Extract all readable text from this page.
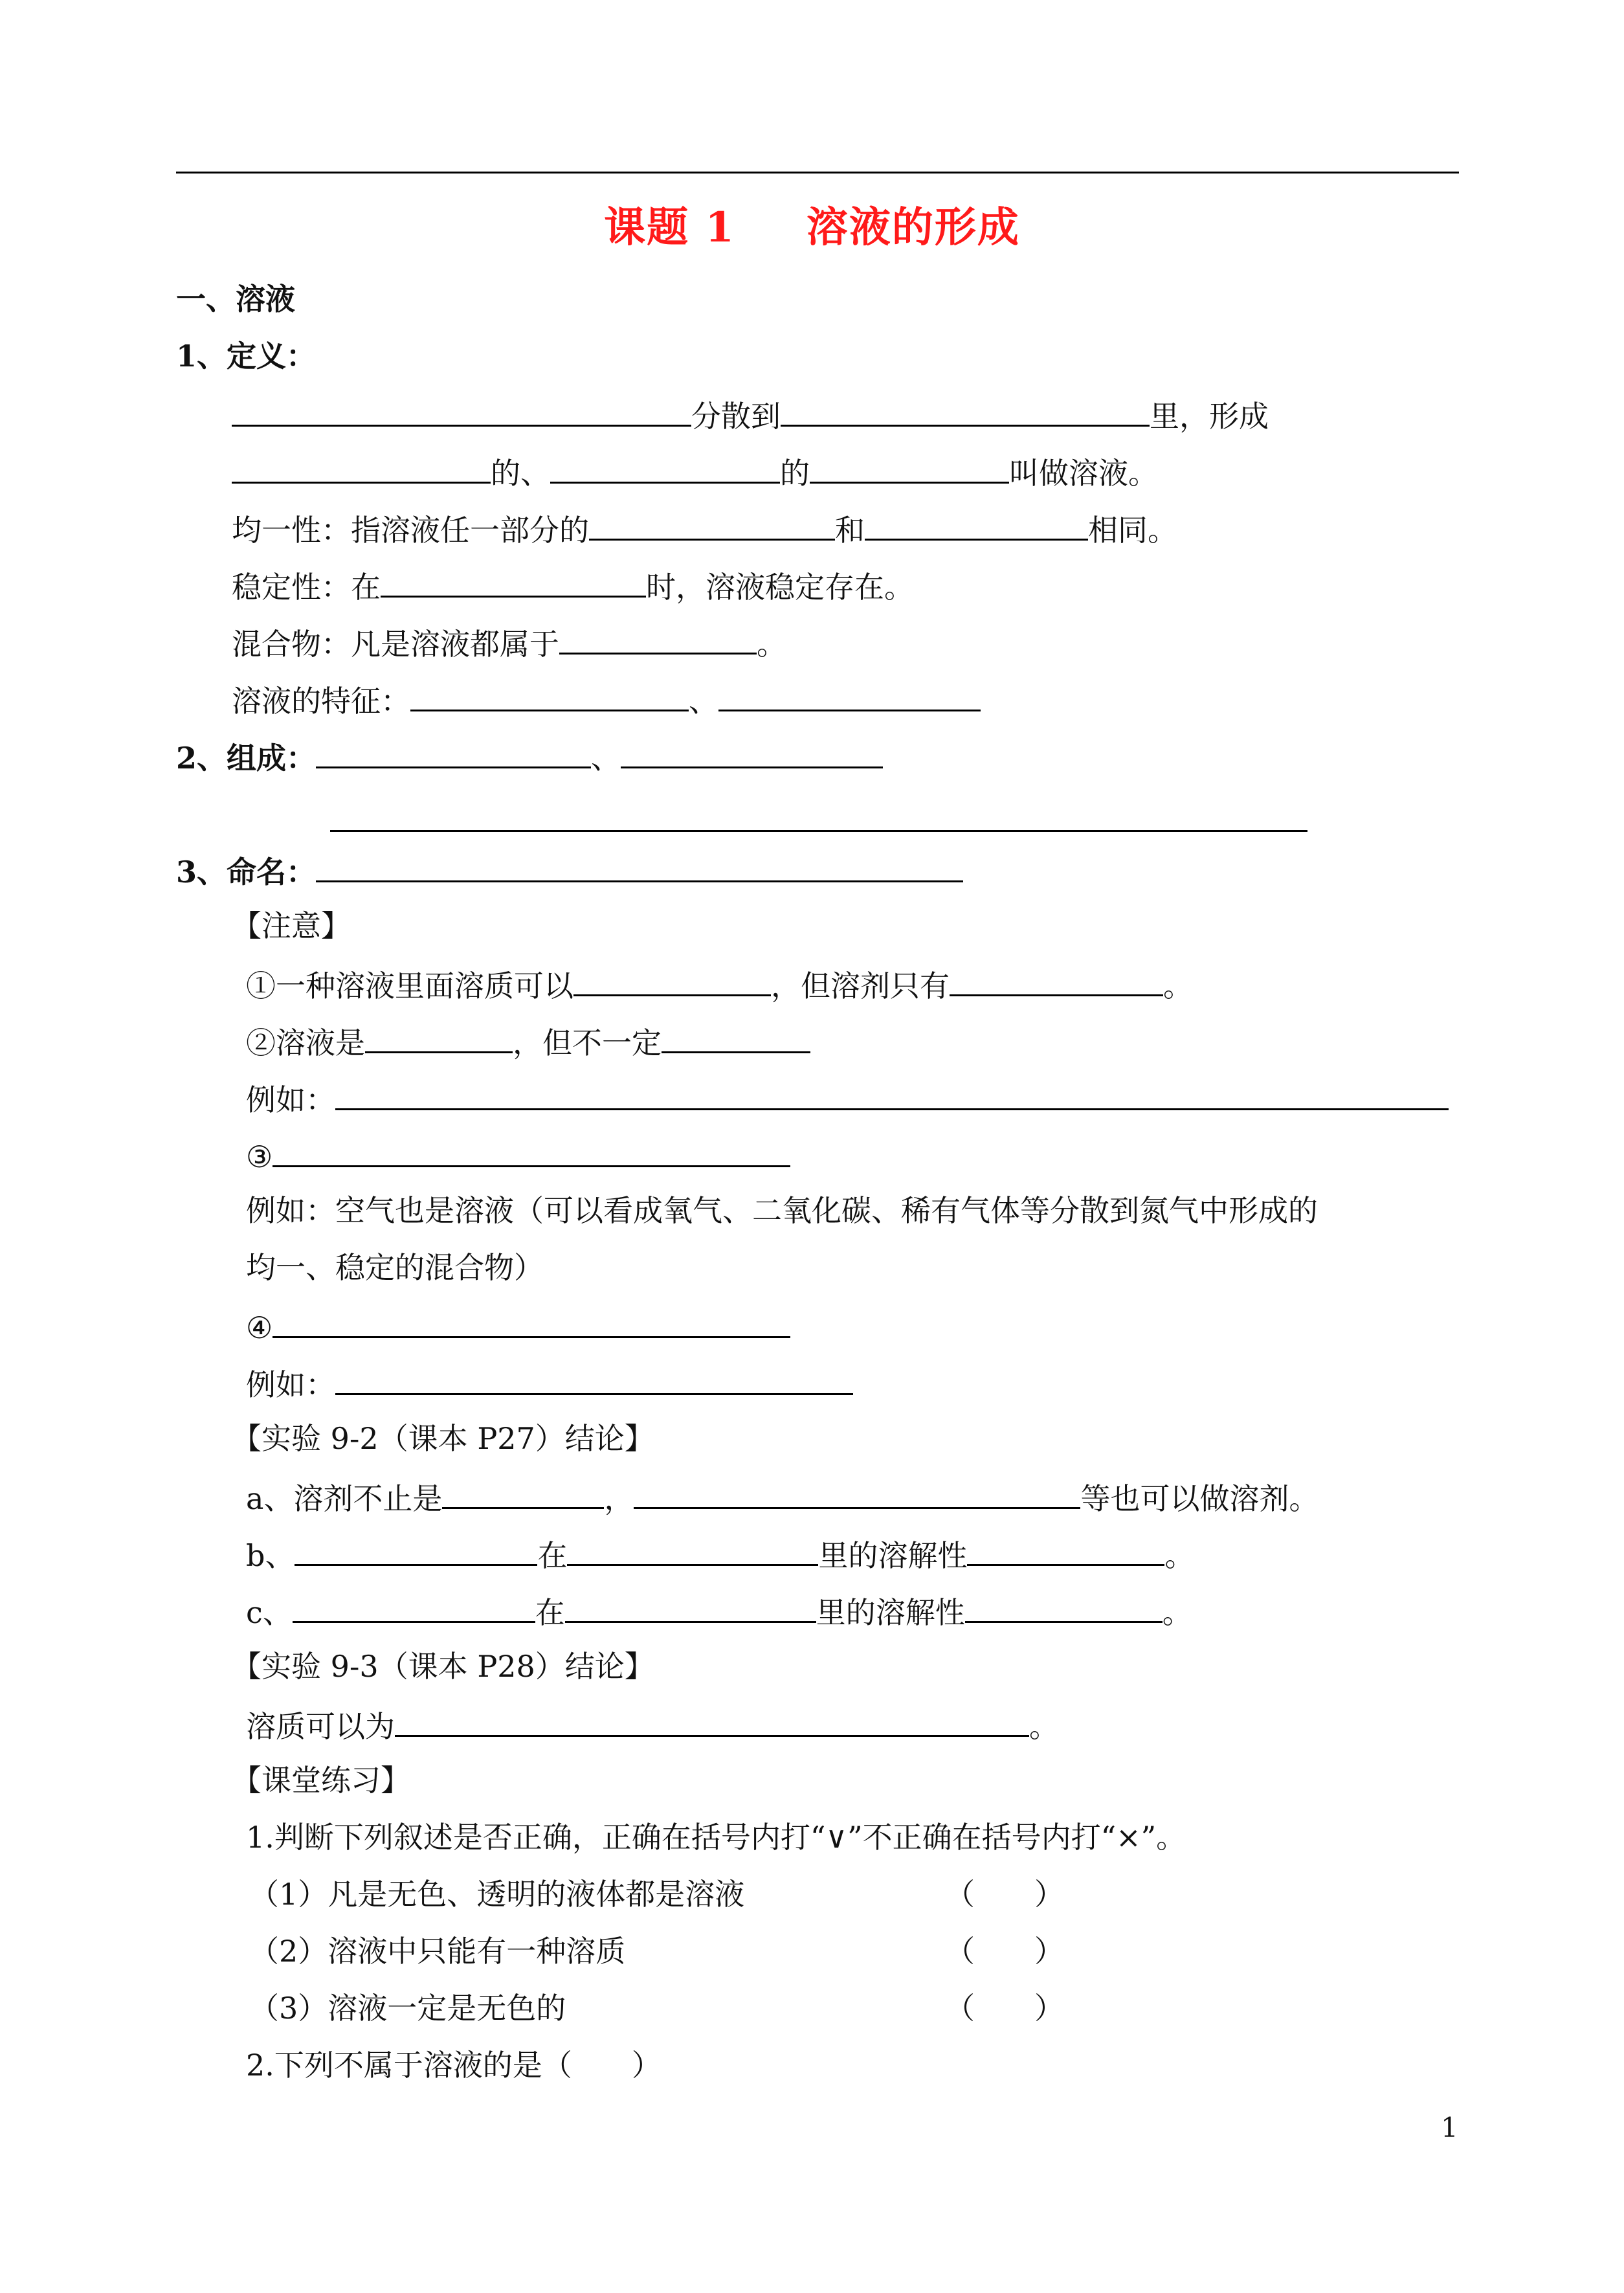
课题 1 溶液的形成
一、溶液
1、定义：
分散到	里，形成
的、	的	叫做溶液。
均一性：指溶液任一部分的	和	相同。
稳定性：在	时，溶液稳定存在。
混合物：凡是溶液都属于	。
溶液的特征：	、
2、组成：	、
3、命名：
【注意】
①一种溶液里面溶质可以	，但溶剂只有	。
②溶液是	，但不一定
例如：
③
例如：空气也是溶液（可以看成氧气、二氧化碳、稀有气体等分散到氮气中形成的
均一、稳定的混合物）
④
例如：
【实验 9-2（课本 P27）结论】
a、溶剂不止是	，	等也可以做溶剂。
b、	在	里的溶解性	。
c、	在	里的溶解性	。
【实验 9-3（课本 P28）结论】
溶质可以为	。
【课堂练习】
1.判断下列叙述是否正确，正确在括号内打“∨”不正确在括号内打“×”。
（1）凡是无色、透明的液体都是溶液	（　　）
（2）溶液中只能有一种溶质	（　　）
（3）溶液一定是无色的	（　　）
2.下列不属于溶液的是（　　）
1
